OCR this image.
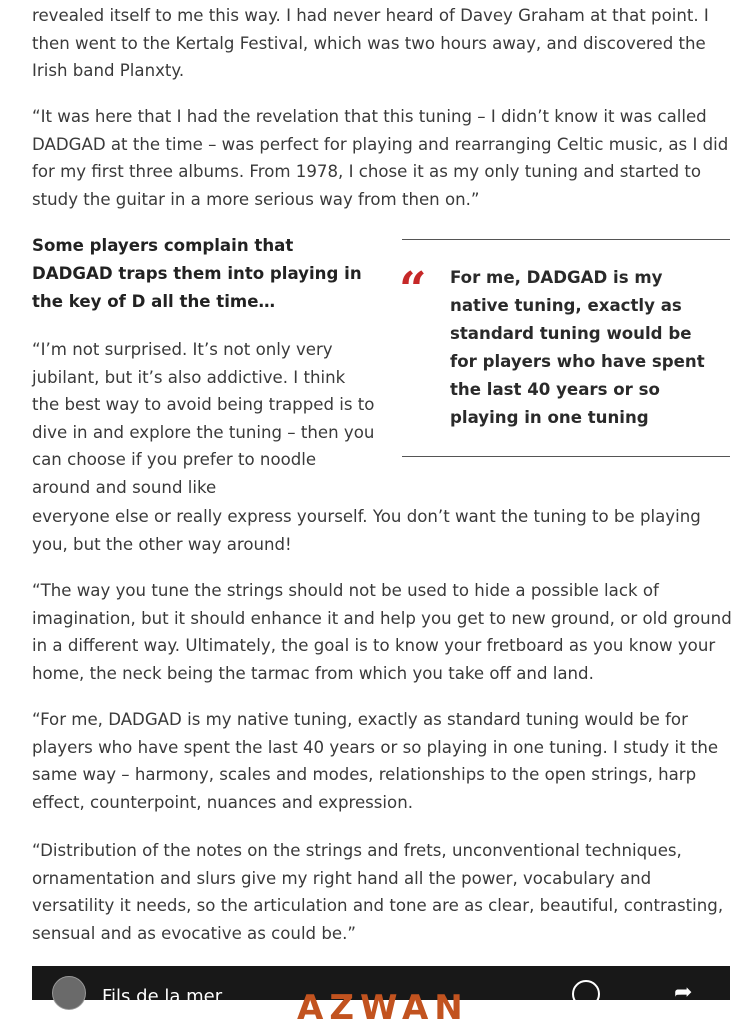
revealed itself to me this way. I had never heard of Davey Graham at that point. I then went to the Kertalg Festival, which was two hours away, and discovered the Irish band Planxty.

“It was here that I had the revelation that this tuning – I didn’t know it was called DADGAD at the time – was perfect for playing and rearranging Celtic music, as I did for my first three albums. From 1978, I chose it as my only tuning and started to study the guitar in a more serious way from then on.”

Some players complain that DADGAD traps them into playing in the key of D all the time…	“ For me, DADGAD is my native tuning, exactly as standard tuning would be for players who have spent the last 40 years or so playing in one tuning

“I’m not surprised. It’s not only very jubilant, but it’s also addictive. I think the best way to avoid being trapped is to dive in and explore the tuning – then you can choose if you prefer to noodle around and sound like

everyone else or really express yourself. You don’t want the tuning to be playing you, but the other way around!

“The way you tune the strings should not be used to hide a possible lack of imagination, but it should enhance it and help you get to new ground, or old ground in a different way. Ultimately, the goal is to know your fretboard as you know your home, the neck being the tarmac from which you take off and land.

“For me, DADGAD is my native tuning, exactly as standard tuning would be for players who have spent the last 40 years or so playing in one tuning. I study it the same way – harmony, scales and modes, relationships to the open strings, harp effect, counterpoint, nuances and expression.

“Distribution of the notes on the strings and frets, unconventional techniques, ornamentation and slurs give my right hand all the power, vocabulary and versatility it needs, so the articulation and tone are as clear, beautiful, contrasting, sensual and as evocative as could be.”

Fils de la mer AZWAN	➦
